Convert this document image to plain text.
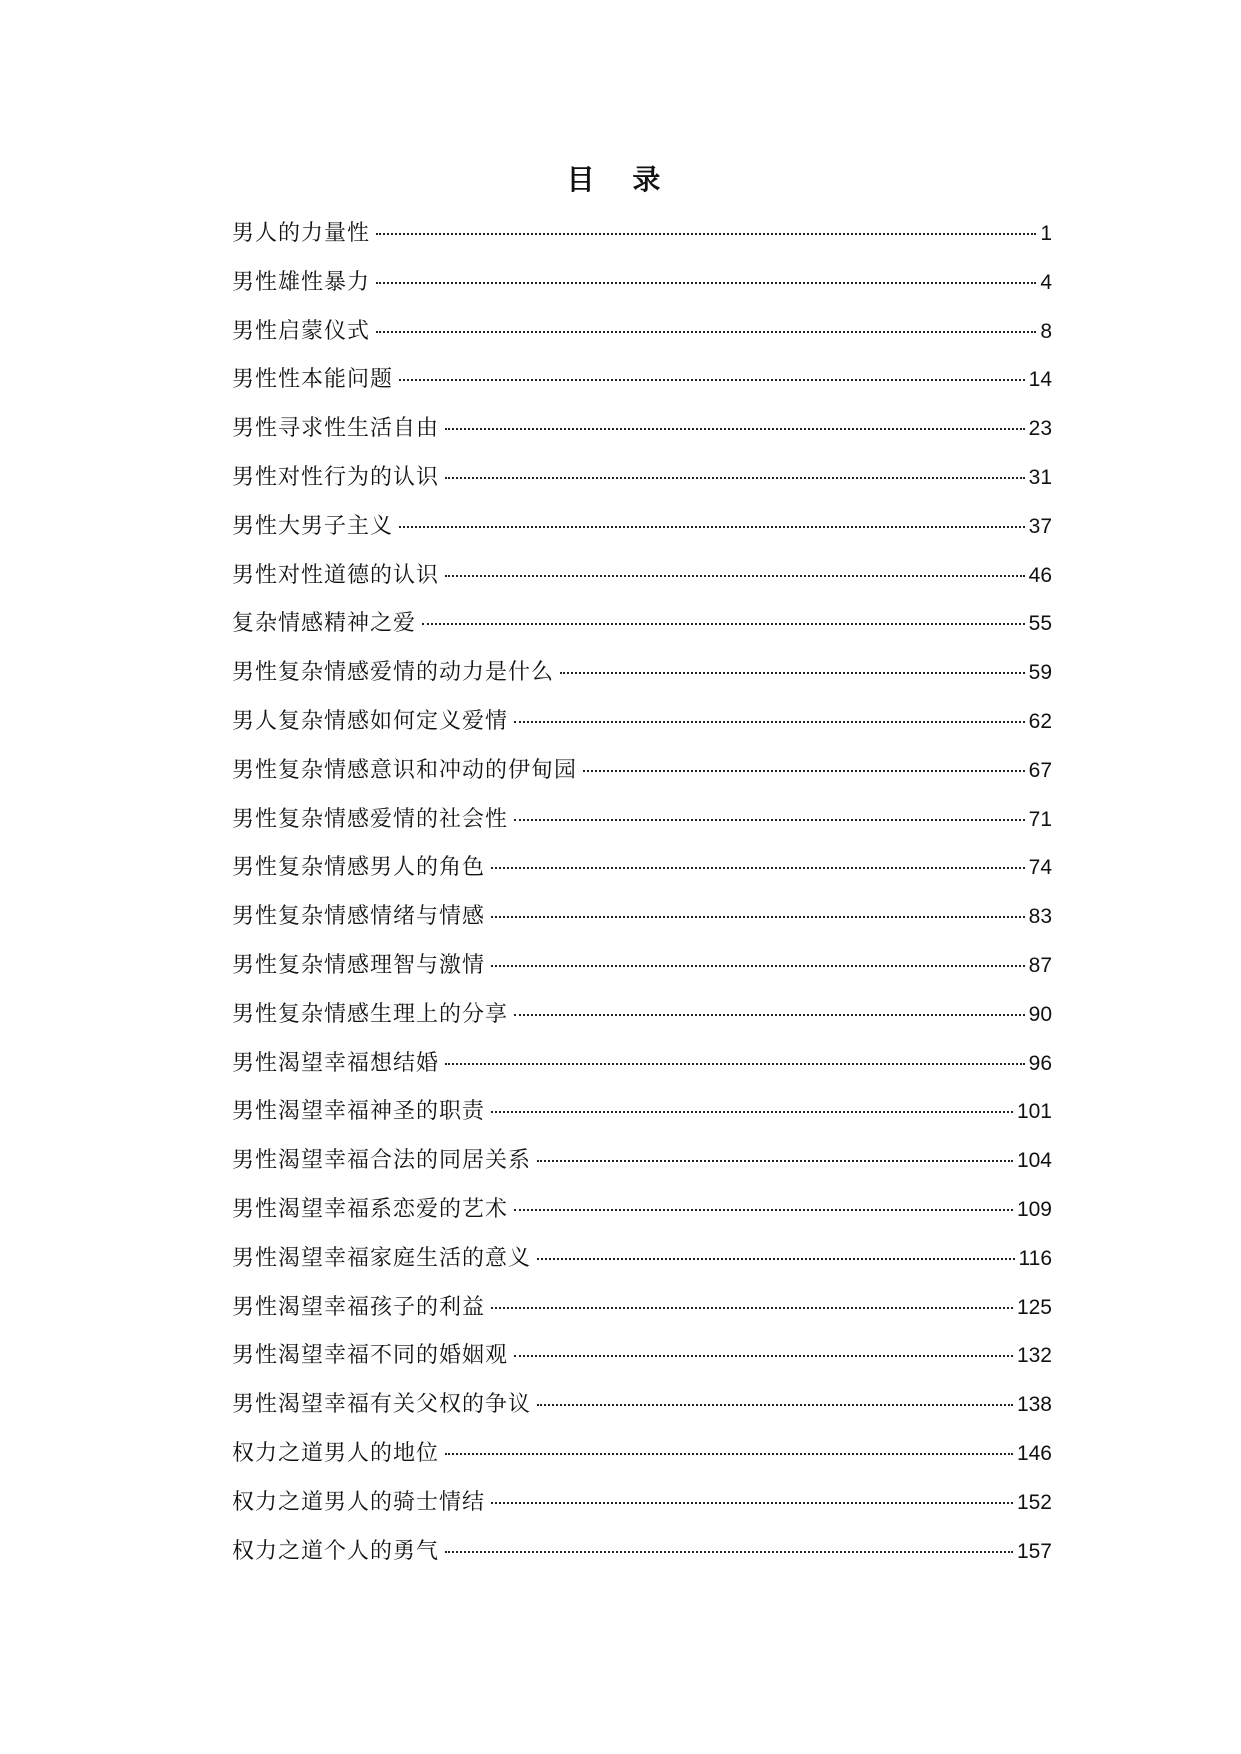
目 录
男人的力量性	1
男性雄性暴力	4
男性启蒙仪式	8
男性性本能问题	14
男性寻求性生活自由	23
男性对性行为的认识	31
男性大男子主义	37
男性对性道德的认识	46
复杂情感精神之爱	55
男性复杂情感爱情的动力是什么	59
男人复杂情感如何定义爱情	62
男性复杂情感意识和冲动的伊甸园	67
男性复杂情感爱情的社会性	71
男性复杂情感男人的角色	74
男性复杂情感情绪与情感	83
男性复杂情感理智与激情	87
男性复杂情感生理上的分享	90
男性渴望幸福想结婚	96
男性渴望幸福神圣的职责	101
男性渴望幸福合法的同居关系	104
男性渴望幸福系恋爱的艺术	109
男性渴望幸福家庭生活的意义	116
男性渴望幸福孩子的利益	125
男性渴望幸福不同的婚姻观	132
男性渴望幸福有关父权的争议	138
权力之道男人的地位	146
权力之道男人的骑士情结	152
权力之道个人的勇气	157
